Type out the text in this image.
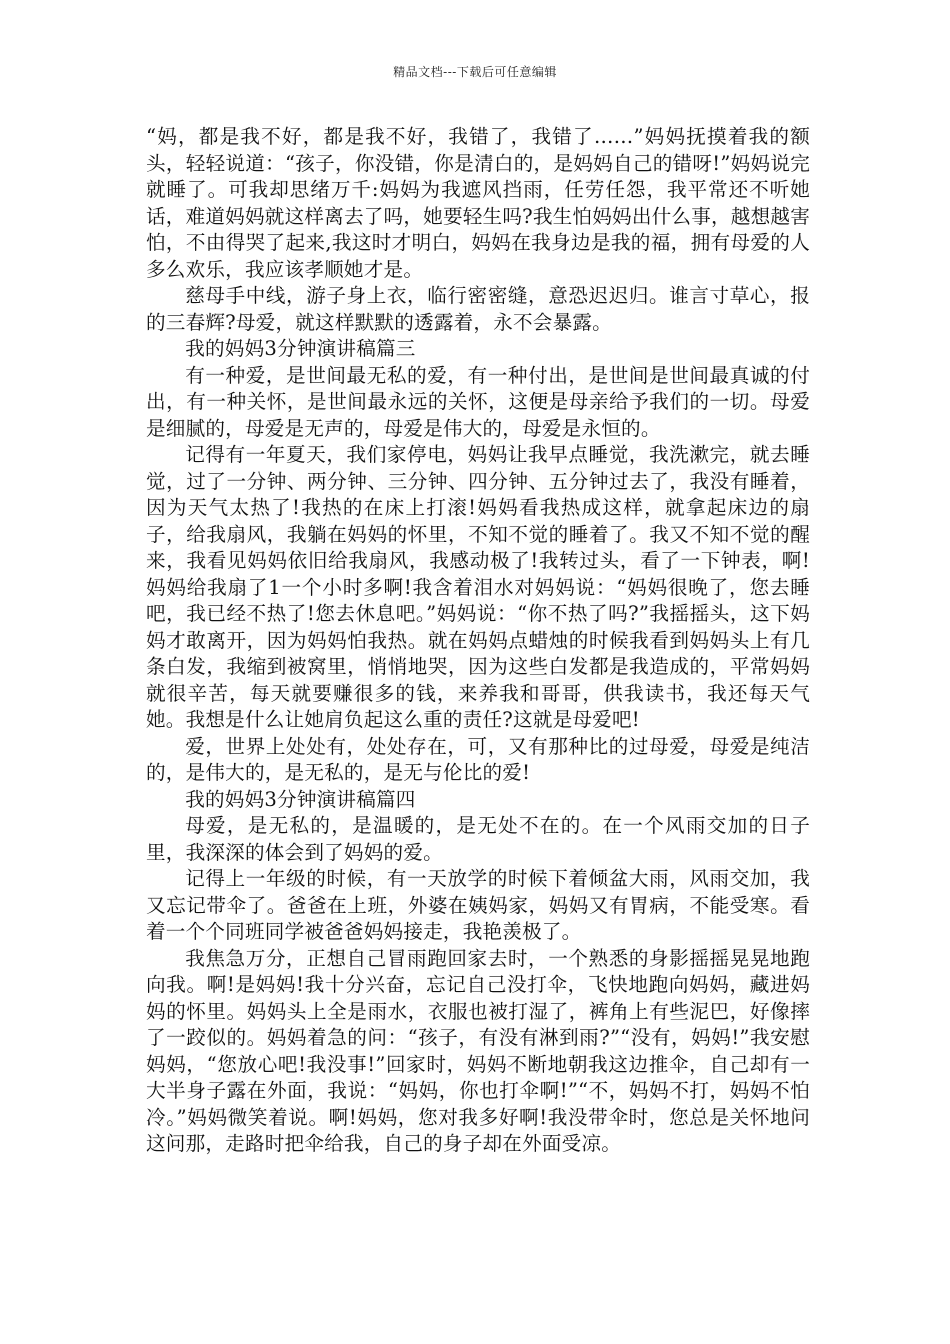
精品文档---下载后可任意编辑

“妈，都是我不好，都是我不好，我错了，我错了……”妈妈抚摸着我的额头，轻轻说道：“孩子，你没错，你是清白的，是妈妈自己的错呀!”妈妈说完就睡了。可我却思绪万千:妈妈为我遮风挡雨，任劳任怨，我平常还不听她话，难道妈妈就这样离去了吗，她要轻生吗?我生怕妈妈出什么事，越想越害怕，不由得哭了起来,我这时才明白，妈妈在我身边是我的福，拥有母爱的人多么欢乐，我应该孝顺她才是。

慈母手中线，游子身上衣，临行密密缝，意恐迟迟归。谁言寸草心，报的三春辉?母爱，就这样默默的透露着，永不会暴露。

我的妈妈3分钟演讲稿篇三

有一种爱，是世间最无私的爱，有一种付出，是世间是世间最真诚的付出，有一种关怀，是世间最永远的关怀，这便是母亲给予我们的一切。母爱是细腻的，母爱是无声的，母爱是伟大的，母爱是永恒的。

记得有一年夏天，我们家停电，妈妈让我早点睡觉，我洗漱完，就去睡觉，过了一分钟、两分钟、三分钟、四分钟、五分钟过去了，我没有睡着，因为天气太热了!我热的在床上打滚!妈妈看我热成这样，就拿起床边的扇子，给我扇风，我躺在妈妈的怀里，不知不觉的睡着了。我又不知不觉的醒来，我看见妈妈依旧给我扇风，我感动极了!我转过头，看了一下钟表，啊!妈妈给我扇了1一个小时多啊!我含着泪水对妈妈说：“妈妈很晚了，您去睡吧，我已经不热了!您去休息吧。”妈妈说：“你不热了吗?”我摇摇头，这下妈妈才敢离开，因为妈妈怕我热。就在妈妈点蜡烛的时候我看到妈妈头上有几条白发，我缩到被窝里，悄悄地哭，因为这些白发都是我造成的，平常妈妈就很辛苦，每天就要赚很多的钱，来养我和哥哥，供我读书，我还每天气她。我想是什么让她肩负起这么重的责任?这就是母爱吧!

爱，世界上处处有，处处存在，可，又有那种比的过母爱，母爱是纯洁的，是伟大的，是无私的，是无与伦比的爱!

我的妈妈3分钟演讲稿篇四

母爱，是无私的，是温暖的，是无处不在的。在一个风雨交加的日子里，我深深的体会到了妈妈的爱。

记得上一年级的时候，有一天放学的时候下着倾盆大雨，风雨交加，我又忘记带伞了。爸爸在上班，外婆在姨妈家，妈妈又有胃病，不能受寒。看着一个个同班同学被爸爸妈妈接走，我艳羡极了。

我焦急万分，正想自己冒雨跑回家去时，一个熟悉的身影摇摇晃晃地跑向我。啊!是妈妈!我十分兴奋，忘记自己没打伞，飞快地跑向妈妈，藏进妈妈的怀里。妈妈头上全是雨水，衣服也被打湿了，裤角上有些泥巴，好像摔了一跤似的。妈妈着急的问：“孩子，有没有淋到雨?”“没有，妈妈!”我安慰妈妈，“您放心吧!我没事!”回家时，妈妈不断地朝我这边推伞，自己却有一大半身子露在外面，我说：“妈妈，你也打伞啊!”“不，妈妈不打，妈妈不怕冷。”妈妈微笑着说。啊!妈妈，您对我多好啊!我没带伞时，您总是关怀地问这问那，走路时把伞给我，自己的身子却在外面受凉。
